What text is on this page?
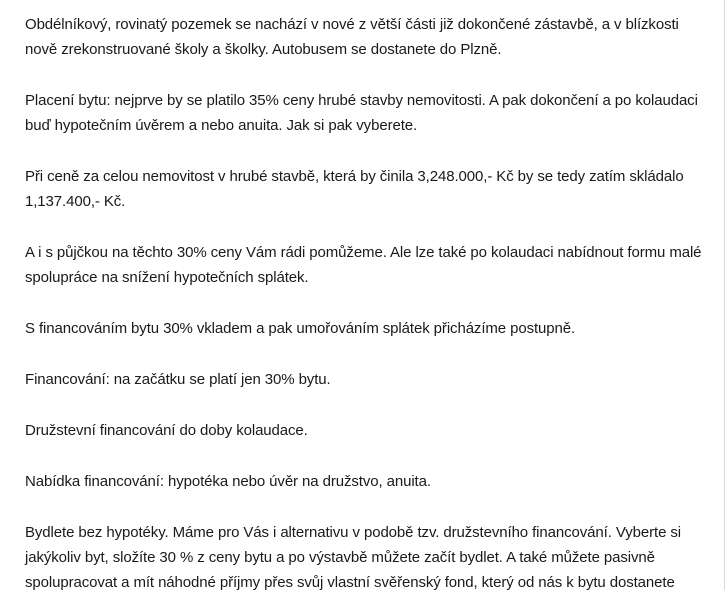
Obdélníkový, rovinatý pozemek se nachází v nové z větší části již dokončené zástavbě, a v blízkosti nově zrekonstruované školy a školky. Autobusem se dostanete do Plzně.

Placení bytu: nejprve by se platilo 35% ceny hrubé stavby nemovitosti. A pak dokončení a po kolaudaci buď hypotečním úvěrem a nebo anuita. Jak si pak vyberete.

Při ceně za celou nemovitost v hrubé stavbě, která by činila 3,248.000,- Kč by se tedy zatím skládalo 1,137.400,- Kč.

A i s půjčkou na těchto 30% ceny Vám rádi pomůžeme. Ale lze také po kolaudaci nabídnout formu malé spolupráce na snížení hypotečních splátek.

S financováním bytu 30% vkladem a pak umořováním splátek přicházíme postupně.

Financování: na začátku se platí jen 30% bytu.

Družstevní financování do doby kolaudace.

Nabídka financování: hypotéka nebo úvěr na družstvo, anuita.

Bydlete bez hypotéky. Máme pro Vás i alternativu v podobě tzv. družstevního financování. Vyberte si jakýkoliv byt, složíte 30 % z ceny bytu a po výstavbě můžete začít bydlet. A také můžete pasivně spolupracovat a mít náhodné příjmy přes svůj vlastní svěřenský fond, který od nás k bytu dostanete
